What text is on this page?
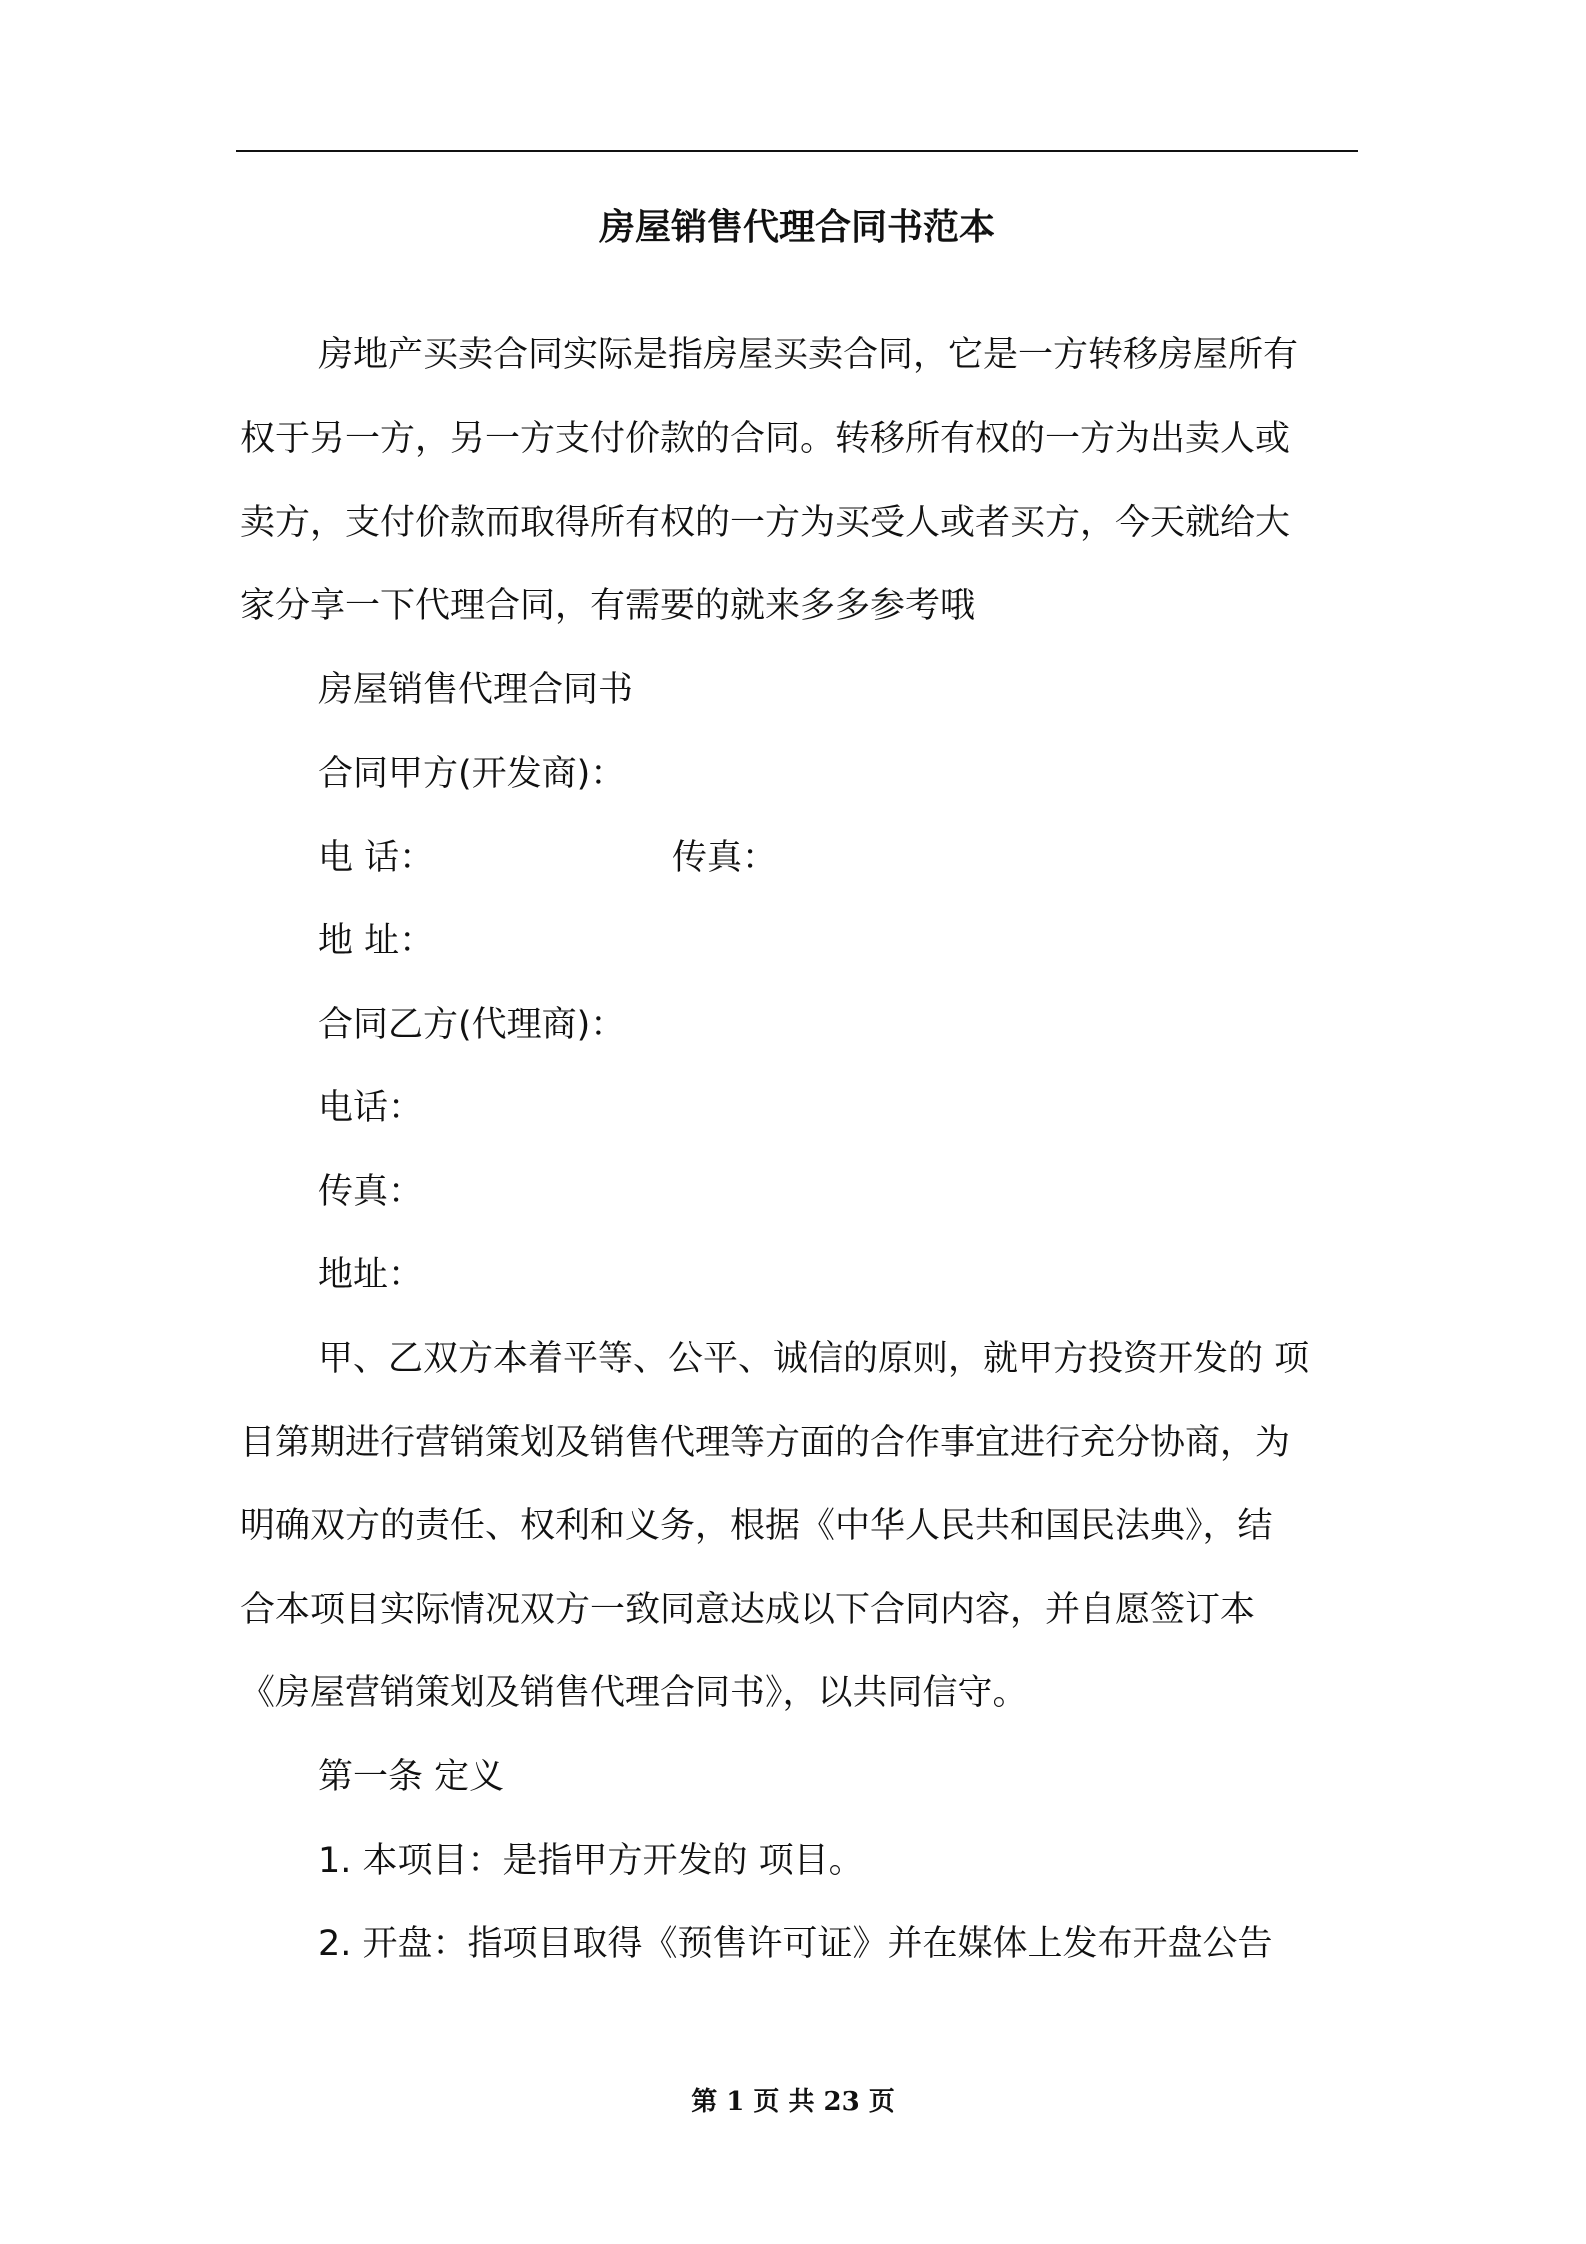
房屋销售代理合同书范本
房地产买卖合同实际是指房屋买卖合同，它是一方转移房屋所有
权于另一方，另一方支付价款的合同。转移所有权的一方为出卖人或
卖方，支付价款而取得所有权的一方为买受人或者买方，今天就给大
家分享一下代理合同，有需要的就来多多参考哦
房屋销售代理合同书
合同甲方(开发商)：
电 话：	传真：
地 址：
合同乙方(代理商)：
电话：
传真：
地址：
甲、乙双方本着平等、公平、诚信的原则，就甲方投资开发的 项
目第期进行营销策划及销售代理等方面的合作事宜进行充分协商，为
明确双方的责任、权利和义务，根据《中华人民共和国民法典》，结
合本项目实际情况双方一致同意达成以下合同内容，并自愿签订本
《房屋营销策划及销售代理合同书》，以共同信守。
第一条 定义
1. 本项目：是指甲方开发的 项目。
2. 开盘：指项目取得《预售许可证》并在媒体上发布开盘公告
第 1 页 共 23 页
